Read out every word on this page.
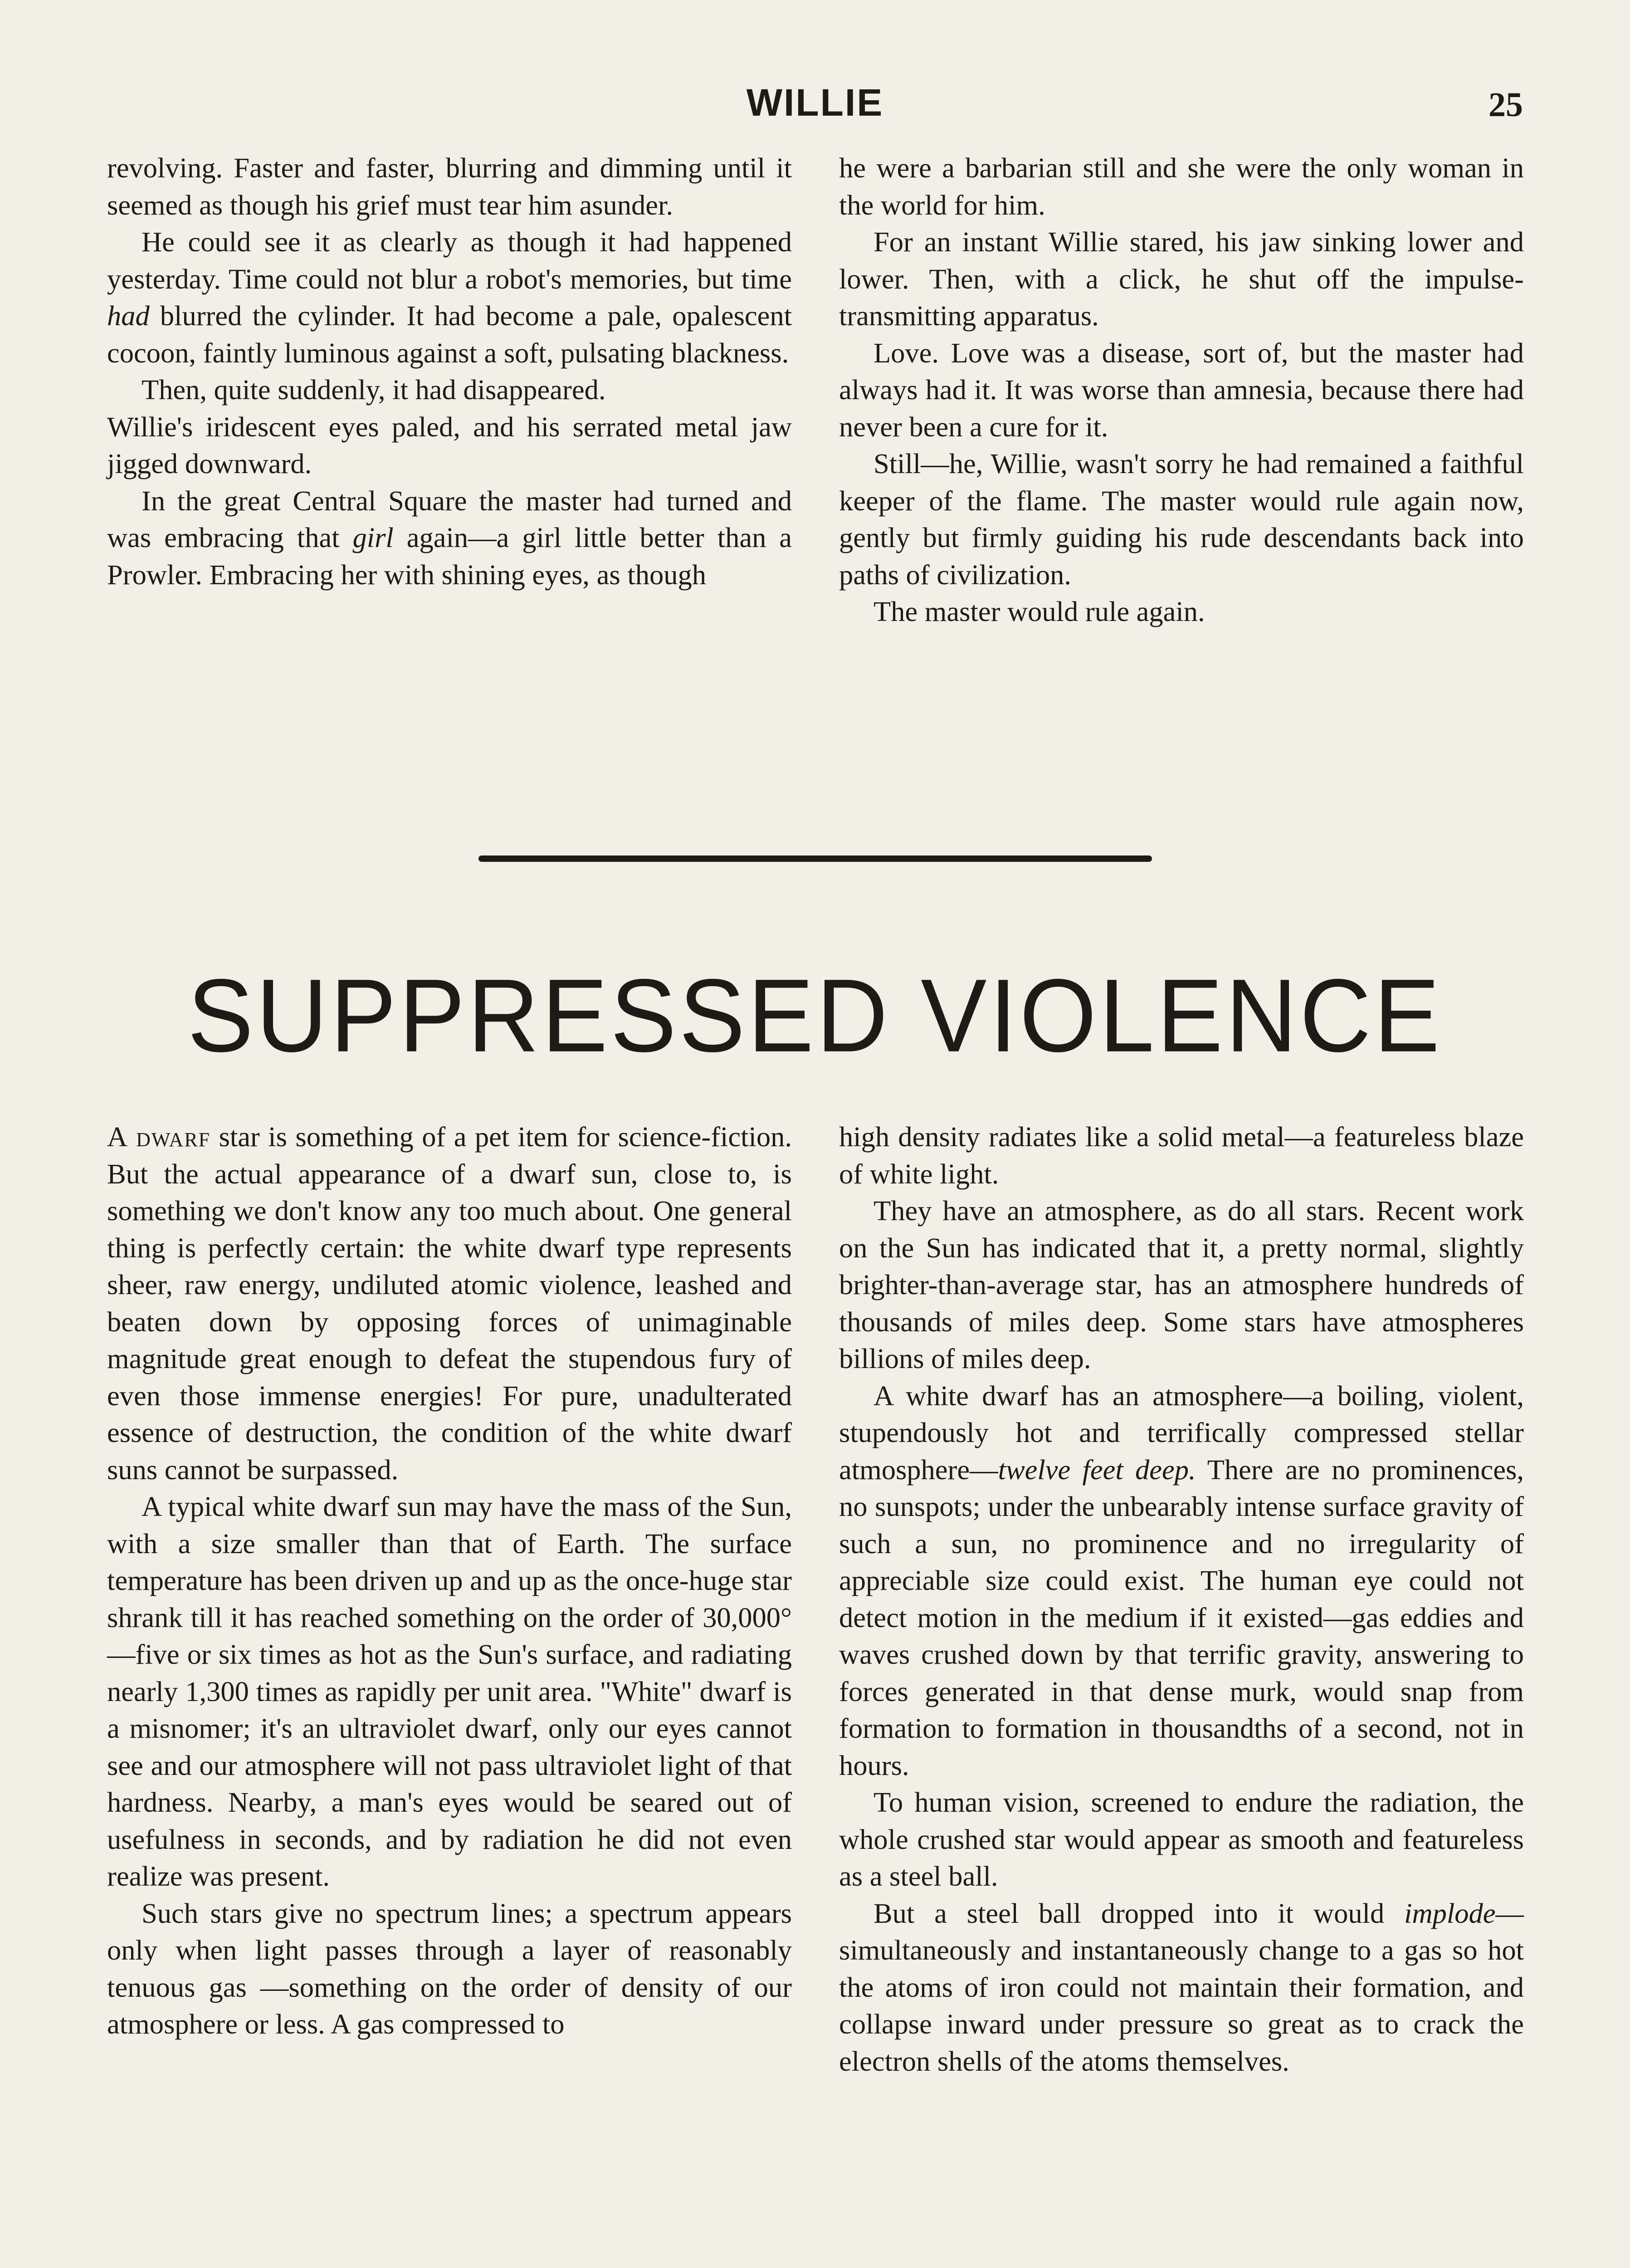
WILLIE	25

revolving. Faster and faster, blurring and dimming until it seemed as though his grief must tear him asunder.

He could see it as clearly as though it had happened yesterday. Time could not blur a robot's memories, but time had blurred the cylinder. It had become a pale, opalescent cocoon, faintly luminous against a soft, pulsating blackness.

Then, quite suddenly, it had disappeared.

Willie's iridescent eyes paled, and his serrated metal jaw jigged downward.

In the great Central Square the master had turned and was embracing that girl again—a girl little better than a Prowler. Embracing her with shining eyes, as though

he were a barbarian still and she were the only woman in the world for him.

For an instant Willie stared, his jaw sinking lower and lower. Then, with a click, he shut off the impulse-transmitting apparatus.

Love. Love was a disease, sort of, but the master had always had it. It was worse than amnesia, because there had never been a cure for it.

Still—he, Willie, wasn't sorry he had remained a faithful keeper of the flame. The master would rule again now, gently but firmly guiding his rude descendants back into paths of civilization.

The master would rule again.

SUPPRESSED VIOLENCE

A dwarf star is something of a pet item for science-fiction. But the actual appearance of a dwarf sun, close to, is something we don't know any too much about. One general thing is perfectly certain: the white dwarf type represents sheer, raw energy, undiluted atomic violence, leashed and beaten down by opposing forces of unimaginable magnitude great enough to defeat the stupendous fury of even those immense energies! For pure, unadulterated essence of destruction, the condition of the white dwarf suns cannot be surpassed.

A typical white dwarf sun may have the mass of the Sun, with a size smaller than that of Earth. The surface temperature has been driven up and up as the once-huge star shrank till it has reached something on the order of 30,000°—five or six times as hot as the Sun's surface, and radiating nearly 1,300 times as rapidly per unit area. "White" dwarf is a misnomer; it's an ultraviolet dwarf, only our eyes cannot see and our atmosphere will not pass ultraviolet light of that hardness. Nearby, a man's eyes would be seared out of usefulness in seconds, and by radiation he did not even realize was present.

Such stars give no spectrum lines; a spectrum appears only when light passes through a layer of reasonably tenuous gas —something on the order of density of our atmosphere or less. A gas compressed to

high density radiates like a solid metal—a featureless blaze of white light.

They have an atmosphere, as do all stars. Recent work on the Sun has indicated that it, a pretty normal, slightly brighter-than-average star, has an atmosphere hundreds of thousands of miles deep. Some stars have atmospheres billions of miles deep.

A white dwarf has an atmosphere—a boiling, violent, stupendously hot and terrifically compressed stellar atmosphere—twelve feet deep. There are no prominences, no sunspots; under the unbearably intense surface gravity of such a sun, no prominence and no irregularity of appreciable size could exist. The human eye could not detect motion in the medium if it existed—gas eddies and waves crushed down by that terrific gravity, answering to forces generated in that dense murk, would snap from formation to formation in thousandths of a second, not in hours.

To human vision, screened to endure the radiation, the whole crushed star would appear as smooth and featureless as a steel ball.

But a steel ball dropped into it would implode—simultaneously and instantaneously change to a gas so hot the atoms of iron could not maintain their formation, and collapse inward under pressure so great as to crack the electron shells of the atoms themselves.
